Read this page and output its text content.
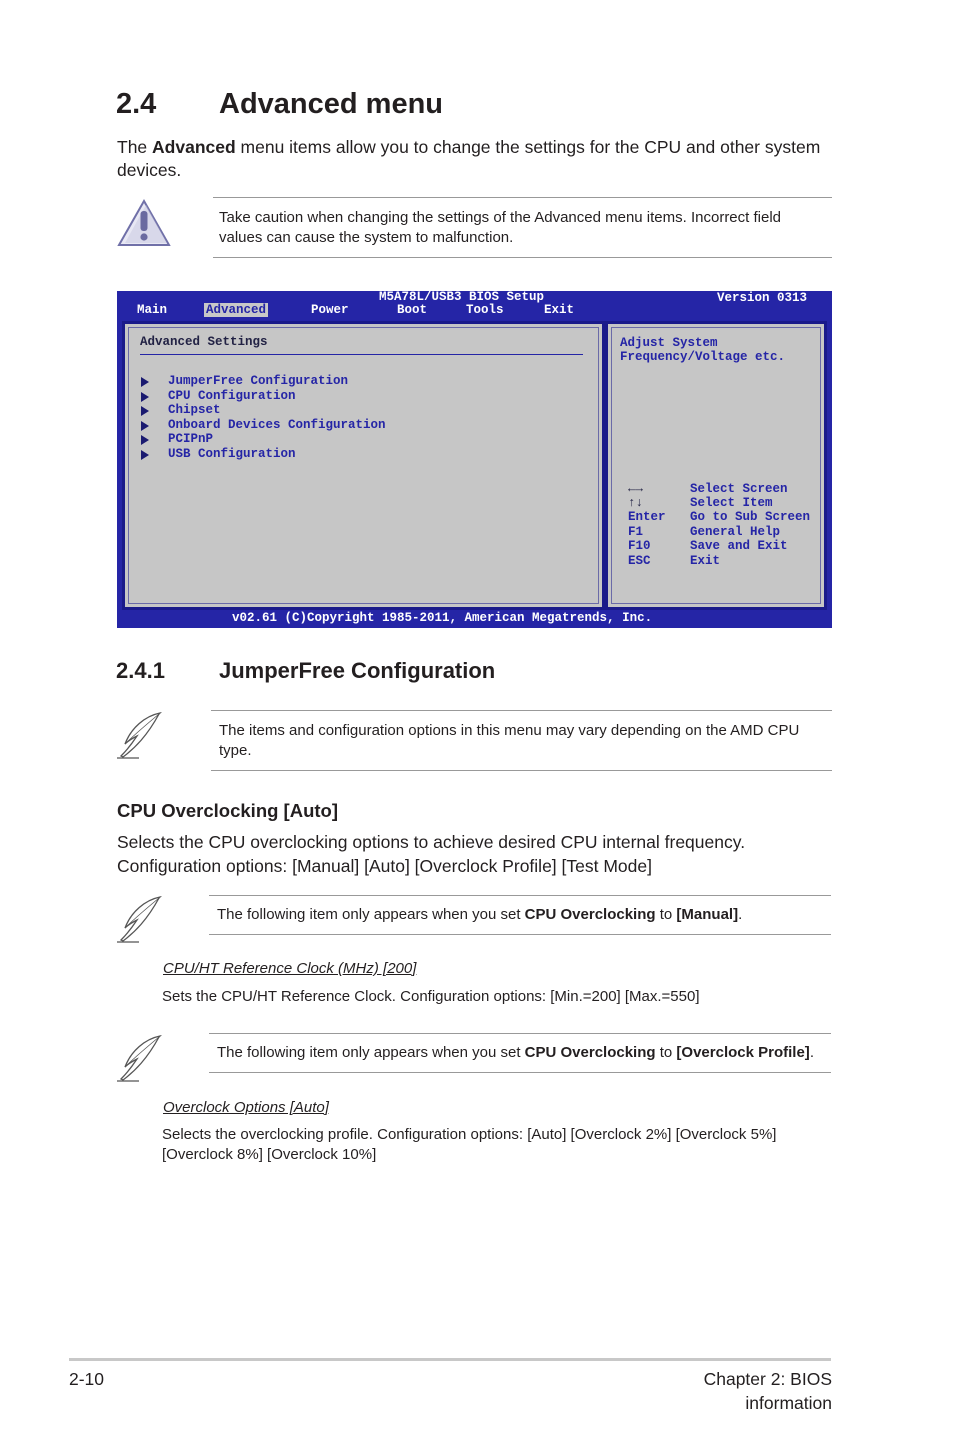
2.4 Advanced menu
The Advanced menu items allow you to change the settings for the CPU and other system devices.
Take caution when changing the settings of the Advanced menu items. Incorrect field values can cause the system to malfunction.
M5A78L/USB3 BIOS Setup	Version 0313
Main	Advanced	Power	Boot	Tools	Exit
Advanced Settings
JumperFree Configuration
CPU Configuration
Chipset
Onboard Devices Configuration
PCIPnP
USB Configuration
Adjust System
Frequency/Voltage etc.
←→	Select Screen
↑↓	Select Item
Enter Go to Sub Screen
F1	General Help
F10	Save and Exit
ESC	Exit
v02.61 (C)Copyright 1985-2011, American Megatrends, Inc.
2.4.1 JumperFree Configuration
The items and configuration options in this menu may vary depending on the AMD CPU type.
CPU Overclocking [Auto]
Selects the CPU overclocking options to achieve desired CPU internal frequency.
Configuration options: [Manual] [Auto] [Overclock Profile] [Test Mode]
The following item only appears when you set CPU Overclocking to [Manual].
CPU/HT Reference Clock (MHz) [200]
Sets the CPU/HT Reference Clock. Configuration options: [Min.=200] [Max.=550]
The following item only appears when you set CPU Overclocking to [Overclock Profile].
Overclock Options [Auto]
Selects the overclocking profile. Configuration options: [Auto] [Overclock 2%] [Overclock 5%]
[Overclock 8%] [Overclock 10%]
2-10	Chapter 2: BIOS information
